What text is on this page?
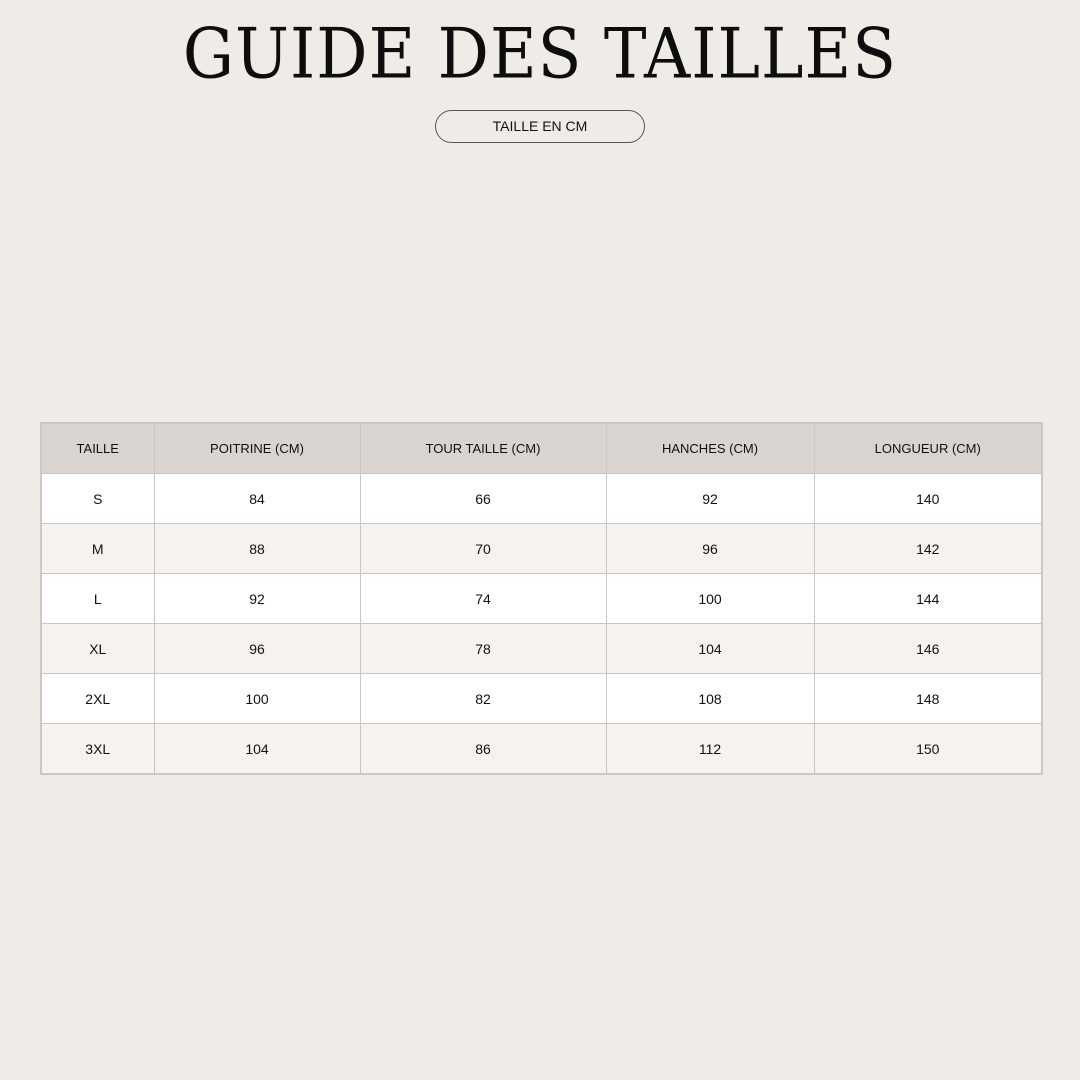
GUIDE DES TAILLES
TAILLE EN CM
TAILLE	POITRINE (CM)	TOUR TAILLE (CM)	HANCHES (CM)	LONGUEUR (CM)
S	84	66	92	140
M	88	70	96	142
L	92	74	100	144
XL	96	78	104	146
2XL	100	82	108	148
3XL	104	86	112	150
